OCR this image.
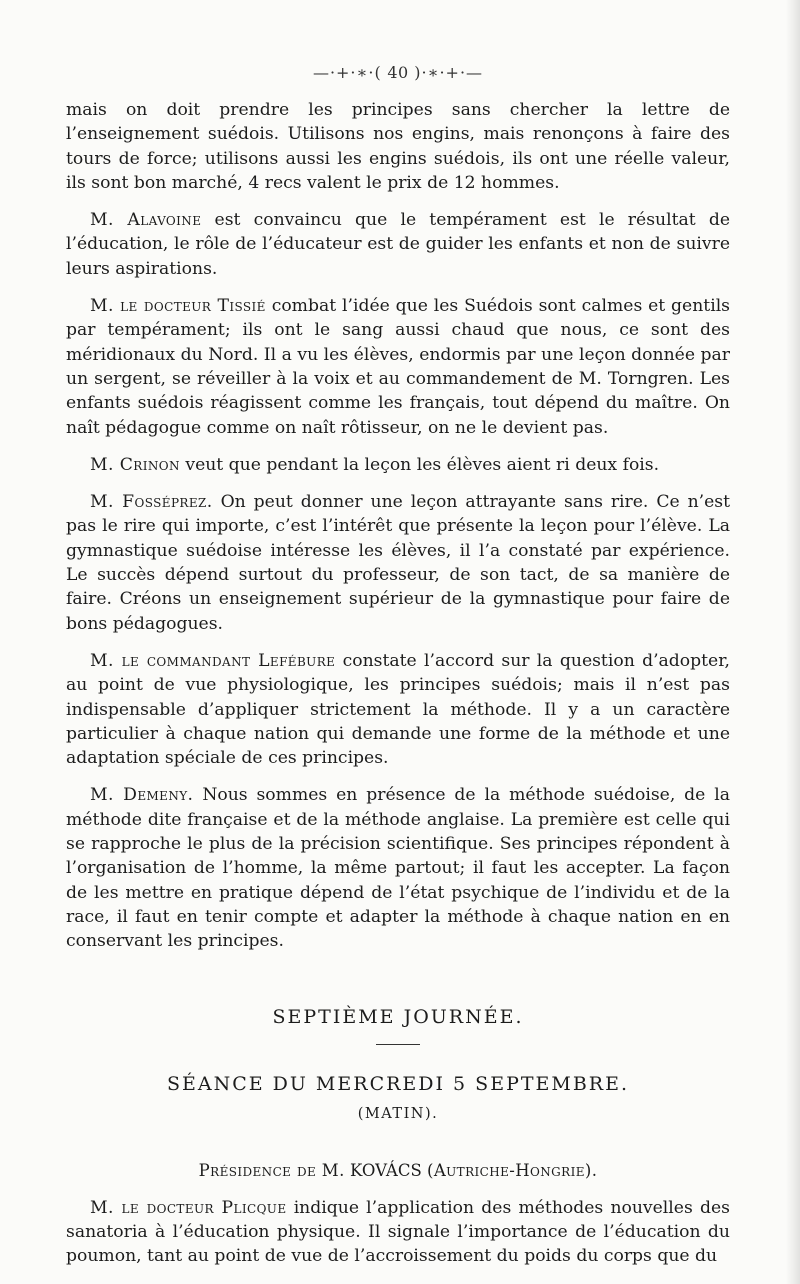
—·+·∗·( 40 )·∗·+·—

mais on doit prendre les principes sans chercher la lettre de l’enseignement suédois. Utilisons nos engins, mais renonçons à faire des tours de force; utilisons aussi les engins suédois, ils ont une réelle valeur, ils sont bon marché, 4 recs valent le prix de 12 hommes.

M. Alavoine est convaincu que le tempérament est le résultat de l’éducation, le rôle de l’éducateur est de guider les enfants et non de suivre leurs aspirations.

M. le docteur Tissié combat l’idée que les Suédois sont calmes et gentils par tempérament; ils ont le sang aussi chaud que nous, ce sont des méridionaux du Nord. Il a vu les élèves, endormis par une leçon donnée par un sergent, se réveiller à la voix et au commandement de M. Torngren. Les enfants suédois réagissent comme les français, tout dépend du maître. On naît pédagogue comme on naît rôtisseur, on ne le devient pas.

M. Crinon veut que pendant la leçon les élèves aient ri deux fois.

M. Fosséprez. On peut donner une leçon attrayante sans rire. Ce n’est pas le rire qui importe, c’est l’intérêt que présente la leçon pour l’élève. La gymnastique suédoise intéresse les élèves, il l’a constaté par expérience. Le succès dépend surtout du professeur, de son tact, de sa manière de faire. Créons un enseignement supérieur de la gymnastique pour faire de bons pédagogues.

M. le commandant Lefébure constate l’accord sur la question d’adopter, au point de vue physiologique, les principes suédois; mais il n’est pas indispensable d’appliquer strictement la méthode. Il y a un caractère particulier à chaque nation qui demande une forme de la méthode et une adaptation spéciale de ces principes.

M. Demeny. Nous sommes en présence de la méthode suédoise, de la méthode dite française et de la méthode anglaise. La première est celle qui se rapproche le plus de la précision scientifique. Ses principes répondent à l’organisation de l’homme, la même partout; il faut les accepter. La façon de les mettre en pratique dépend de l’état psychique de l’individu et de la race, il faut en tenir compte et adapter la méthode à chaque nation en en conservant les principes.

SEPTIÈME JOURNÉE.
SÉANCE DU MERCREDI 5 SEPTEMBRE.
(MATIN).
Présidence de M. KOVÁCS (Autriche-Hongrie).

M. le docteur Plicque indique l’application des méthodes nouvelles des sanatoria à l’éducation physique. Il signale l’importance de l’éducation du poumon, tant au point de vue de l’accroissement du poids du corps que du
